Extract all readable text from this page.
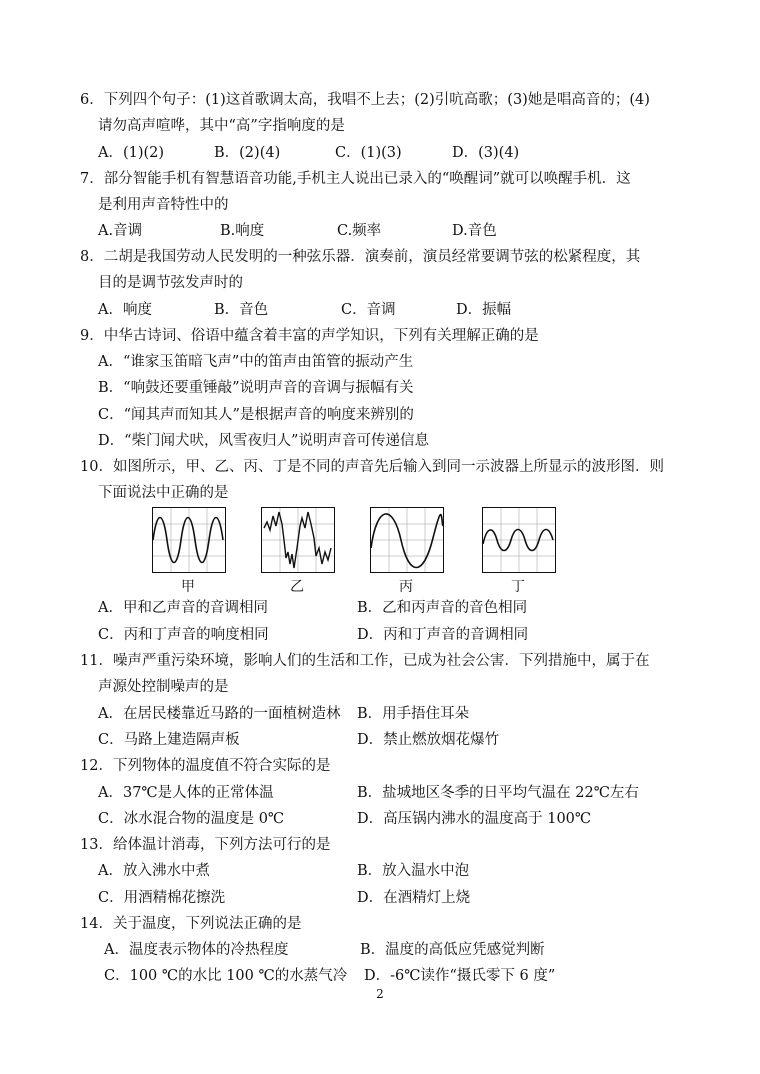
6．下列四个句子：(1)这首歌调太高，我唱不上去；(2)引吭高歌；(3)她是唱高音的；(4)
请勿高声喧哗，其中“高”字指响度的是
A．(1)(2)	B．(2)(4)	C．(1)(3)	D．(3)(4)
7．部分智能手机有智慧语音功能,手机主人说出已录入的“唤醒词”就可以唤醒手机．这
是利用声音特性中的
A.音调	B.响度	C.频率	D.音色
8．二胡是我国劳动人民发明的一种弦乐器．演奏前，演员经常要调节弦的松紧程度，其
目的是调节弦发声时的
A．响度	B．音色	C．音调	D．振幅
9．中华古诗词、俗语中蕴含着丰富的声学知识，下列有关理解正确的是
A．“谁家玉笛暗飞声”中的笛声由笛管的振动产生
B．“响鼓还要重锤敲”说明声音的音调与振幅有关
C．“闻其声而知其人”是根据声音的响度来辨别的
D．“柴门闻犬吠，风雪夜归人”说明声音可传递信息
10．如图所示，甲、乙、丙、丁是不同的声音先后输入到同一示波器上所显示的波形图．则
下面说法中正确的是
甲	乙	丙	丁
A．甲和乙声音的音调相同	B．乙和丙声音的音色相同
C．丙和丁声音的响度相同	D．丙和丁声音的音调相同
11．噪声严重污染环境，影响人们的生活和工作，已成为社会公害．下列措施中，属于在
声源处控制噪声的是
A．在居民楼靠近马路的一面植树造林 B．用手捂住耳朵
C．马路上建造隔声板	D．禁止燃放烟花爆竹
12．下列物体的温度值不符合实际的是
A．37℃是人体的正常体温	B．盐城地区冬季的日平均气温在 22℃左右
C．冰水混合物的温度是 0℃	D．高压锅内沸水的温度高于 100℃
13．给体温计消毒，下列方法可行的是
A．放入沸水中煮	B．放入温水中泡
C．用酒精棉花擦洗	D．在酒精灯上烧
14．关于温度，下列说法正确的是
A．温度表示物体的冷热程度	B．温度的高低应凭感觉判断
C．100 ℃的水比 100 ℃的水蒸气冷 D．-6℃读作“摄氏零下 6 度”
2
